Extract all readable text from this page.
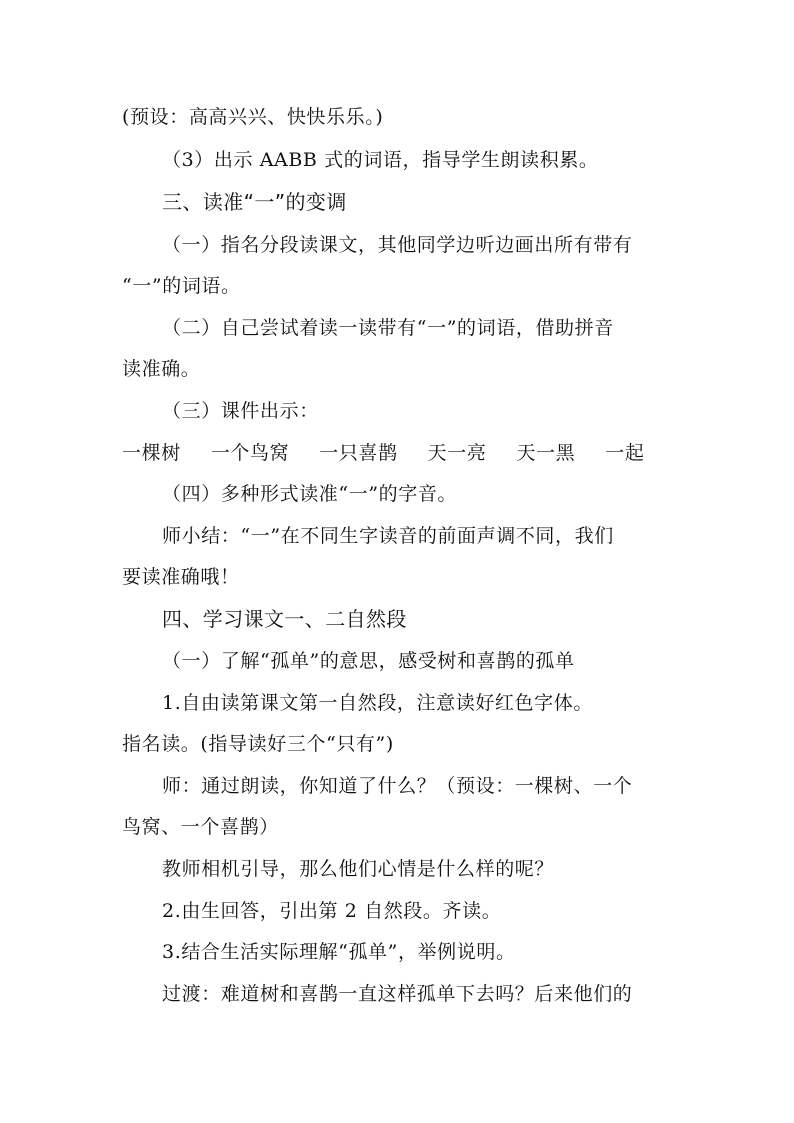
(预设：高高兴兴、快快乐乐。)
（3）出示 AABB 式的词语，指导学生朗读积累。
三、读准“一”的变调
（一）指名分段读课文，其他同学边听边画出所有带有
“一”的词语。
（二）自己尝试着读一读带有“一”的词语，借助拼音
读准确。
（三）课件出示：
一棵树 一个鸟窝 一只喜鹊 天一亮 天一黑 一起
（四）多种形式读准“一”的字音。
师小结：“一”在不同生字读音的前面声调不同，我们
要读准确哦！
四、学习课文一、二自然段
（一）了解“孤单”的意思，感受树和喜鹊的孤单
1.自由读第课文第一自然段，注意读好红色字体。
指名读。(指导读好三个“只有”)
师：通过朗读，你知道了什么？（预设：一棵树、一个
鸟窝、一个喜鹊）
教师相机引导，那么他们心情是什么样的呢？
2.由生回答，引出第 2 自然段。齐读。
3.结合生活实际理解“孤单”，举例说明。
过渡：难道树和喜鹊一直这样孤单下去吗？后来他们的
